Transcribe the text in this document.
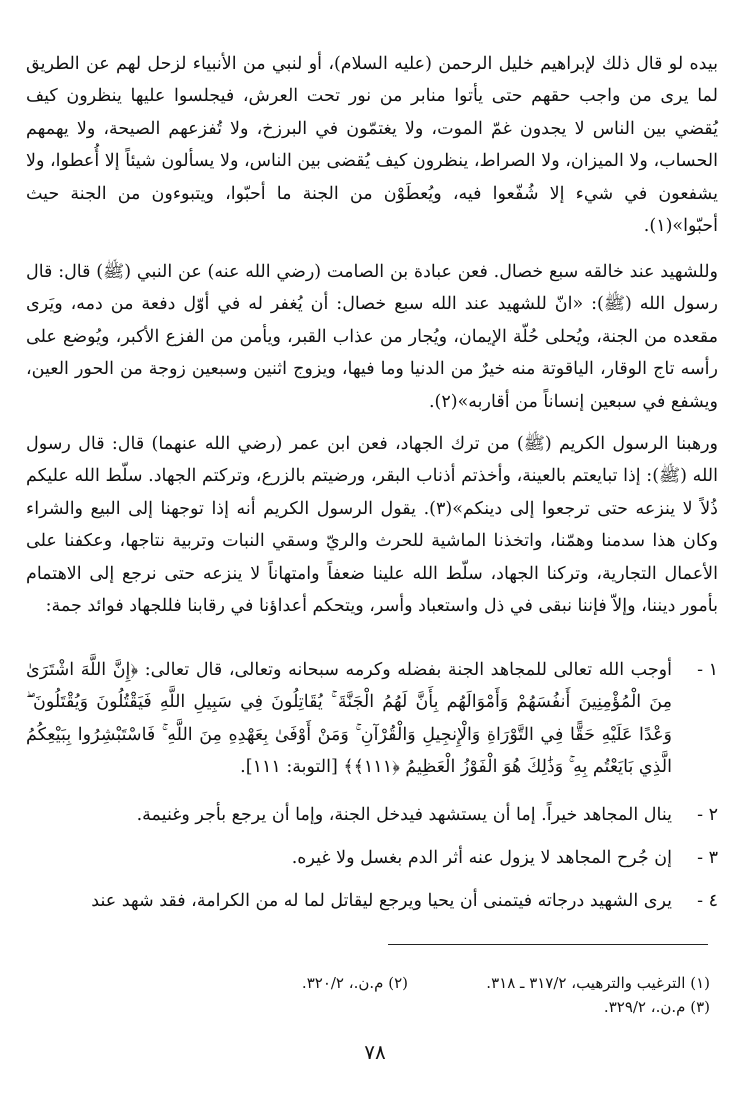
بيده لو قال ذلك لإبراهيم خليل الرحمن (عليه السلام)، أو لنبي من الأنبياء لزحل لهم عن الطريق لما يرى من واجب حقهم حتى يأتوا منابر من نور تحت العرش، فيجلسوا عليها ينظرون كيف يُقضي بين الناس لا يجدون غمّ الموت، ولا يغتمّون في البرزخ، ولا تُفزعهم الصيحة، ولا يهمهم الحساب، ولا الميزان، ولا الصراط، ينظرون كيف يُقضى بين الناس، ولا يسألون شيئاً إلا أُعطوا، ولا يشفعون في شيء إلا شُفّعوا فيه، ويُعطَوْن من الجنة ما أحبّوا، ويتبوءون من الجنة حيث أحبّوا»(١).

وللشهيد عند خالقه سبع خصال. فعن عبادة بن الصامت (رضي الله عنه) عن النبي (ﷺ) قال: قال رسول الله (ﷺ): «انّ للشهيد عند الله سبع خصال: أن يُغفر له في أوّل دفعة من دمه، ويَرى مقعده من الجنة، ويُحلى حُلّة الإيمان، ويُجار من عذاب القبر، ويأمن من الفزع الأكبر، ويُوضع على رأسه تاج الوقار، الياقوتة منه خيرٌ من الدنيا وما فيها، ويزوج اثنين وسبعين زوجة من الحور العين، ويشفع في سبعين إنساناً من أقاربه»(٢).

ورهبنا الرسول الكريم (ﷺ) من ترك الجهاد، فعن ابن عمر (رضي الله عنهما) قال: قال رسول الله (ﷺ): إذا تبايعتم بالعينة، وأخذتم أذناب البقر، ورضيتم بالزرع، وتركتم الجهاد. سلّط الله عليكم ذُلاً لا ينزعه حتى ترجعوا إلى دينكم»(٣). يقول الرسول الكريم أنه إذا توجهنا إلى البيع والشراء وكان هذا سدمنا وهمّنا، واتخذنا الماشية للحرث والريّ وسقي النبات وتربية نتاجها، وعكفنا على الأعمال التجارية، وتركنا الجهاد، سلّط الله علينا ضعفاً وامتهاناً لا ينزعه حتى نرجع إلى الاهتمام بأمور ديننا، وإلاّ فإننا نبقى في ذل واستعباد وأسر، ويتحكم أعداؤنا في رقابنا فللجهاد فوائد جمة:

١ -
أوجب الله تعالى للمجاهد الجنة بفضله وكرمه سبحانه وتعالى، قال تعالى: ﴿إِنَّ اللَّهَ اشْتَرَىٰ مِنَ الْمُؤْمِنِينَ أَنفُسَهُمْ وَأَمْوَالَهُم بِأَنَّ لَهُمُ الْجَنَّةَ ۚ يُقَاتِلُونَ فِي سَبِيلِ اللَّهِ فَيَقْتُلُونَ وَيُقْتَلُونَ ۖ وَعْدًا عَلَيْهِ حَقًّا فِي التَّوْرَاةِ وَالْإِنجِيلِ وَالْقُرْآنِ ۚ وَمَنْ أَوْفَىٰ بِعَهْدِهِ مِنَ اللَّهِ ۚ فَاسْتَبْشِرُوا بِبَيْعِكُمُ الَّذِي بَايَعْتُم بِهِ ۚ وَذَٰلِكَ هُوَ الْفَوْزُ الْعَظِيمُ ﴿١١١﴾﴾ [التوبة: ١١١].
٢ -
ينال المجاهد خيراً. إما أن يستشهد فيدخل الجنة، وإما أن يرجع بأجر وغنيمة.
٣ -
إن جُرح المجاهد لا يزول عنه أثر الدم بغسل ولا غيره.
٤ -
يرى الشهيد درجاته فيتمنى أن يحيا ويرجع ليقاتل لما له من الكرامة، فقد شهد عند
(١) الترغيب والترهيب، ٣١٧/٢ ـ ٣١٨.
(٢) م.ن.، ٣٢٠/٢.
(٣) م.ن.، ٣٢٩/٢.
٧٨
